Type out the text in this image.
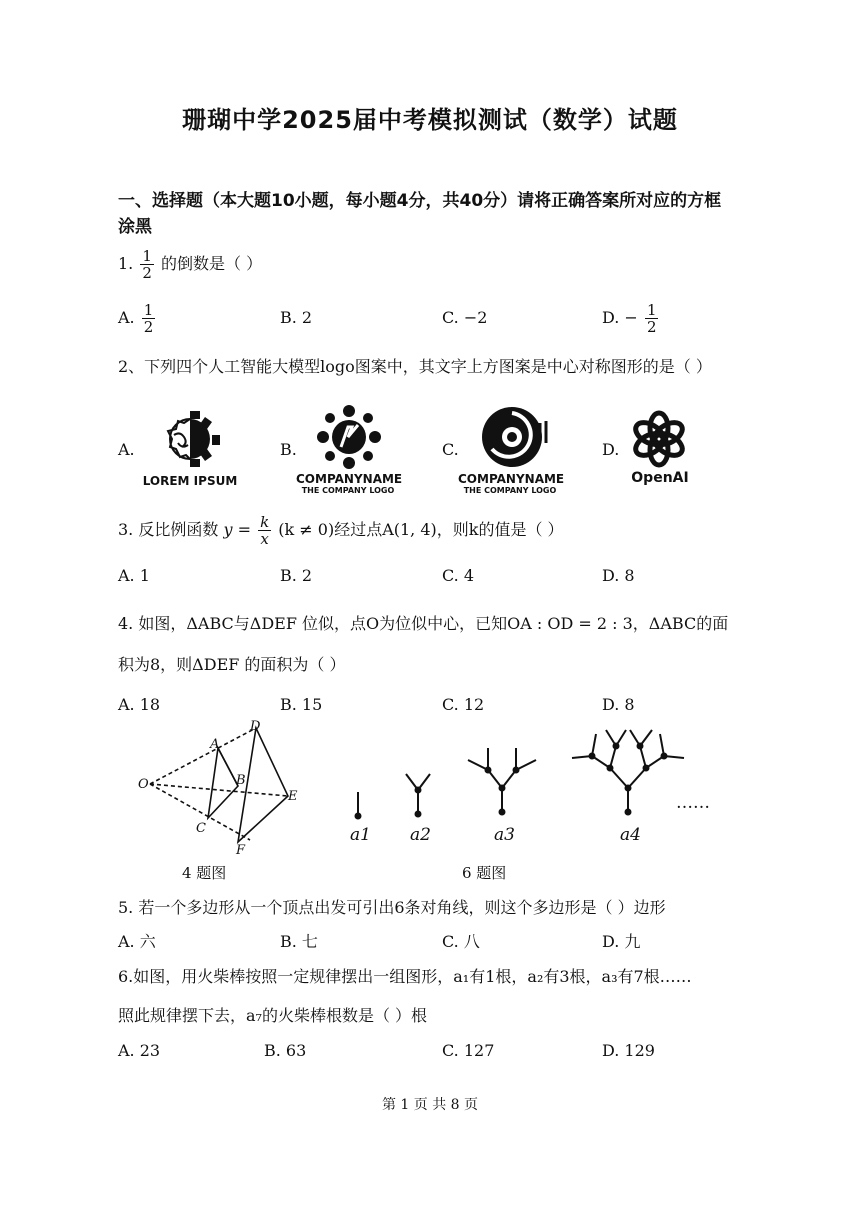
珊瑚中学2025届中考模拟测试（数学）试题
一、选择题（本大题10小题，每小题4分，共40分）请将正确答案所对应的方框
涂黑
1. $\frac{1}{2}$ 的倒数是（ ）
A. $\frac{1}{2}$	B. 2	C. −2	D. − $\frac{1}{2}$
2、下列四个人工智能大模型logo图案中，其文字上方图案是中心对称图形的是（ ）
A.	B.	C.	D.
LOREM IPSUM	COMPANYNAME
THE COMPANY LOGO
COMPANYNAME
THE COMPANY LOGO
OpenAI
3. 反比例函数 $y = \frac{k}{x} (k \ne 0)$经过点A(1, 4)，则k的值是（ ）
A. 1	B. 2	C. 4	D. 8
4. 如图，ΔABC与ΔDEF 位似，点O为位似中心，已知OA : OD = 2 : 3，ΔABC的面
积为8，则ΔDEF 的面积为（ ）
A. 18	B. 15	C. 12	D. 8
O
A
B
C
D
E
F
4 题图
a1 a2	a3	a4
……
6 题图
5. 若一个多边形从一个顶点出发可引出6条对角线，则这个多边形是（ ）边形
A. 六	B. 七	C. 八	D. 九
6.如图，用火柴棒按照一定规律摆出一组图形，a₁有1根，a₂有3根，a₃有7根……
照此规律摆下去，a₇的火柴棒根数是（ ）根
A. 23	B. 63	C. 127	D. 129
第 1 页 共 8 页
